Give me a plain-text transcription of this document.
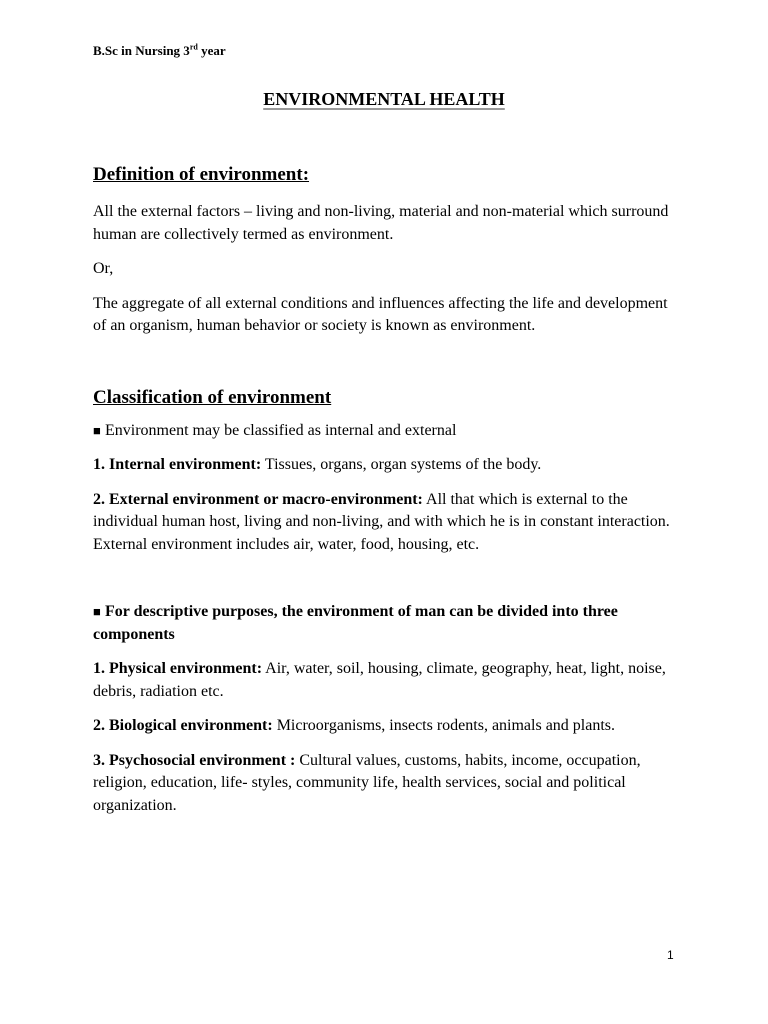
B.Sc in Nursing 3rd year
ENVIRONMENTAL HEALTH
Definition of environment:

All the external factors – living and non-living, material and non-material which surround human are collectively termed as environment.

Or,

The aggregate of all external conditions and influences affecting the life and development of an organism, human behavior or society is known as environment.

Classification of environment

■ Environment may be classified as internal and external

1. Internal environment: Tissues, organs, organ systems of the body.

2. External environment or macro-environment: All that which is external to the individual human host, living and non-living, and with which he is in constant interaction. External environment includes air, water, food, housing, etc.

■ For descriptive purposes, the environment of man can be divided into three components

1. Physical environment: Air, water, soil, housing, climate, geography, heat, light, noise, debris, radiation etc.

2. Biological environment: Microorganisms, insects rodents, animals and plants.

3. Psychosocial environment : Cultural values, customs, habits, income, occupation, religion, education, life- styles, community life, health services, social and political organization.

1
